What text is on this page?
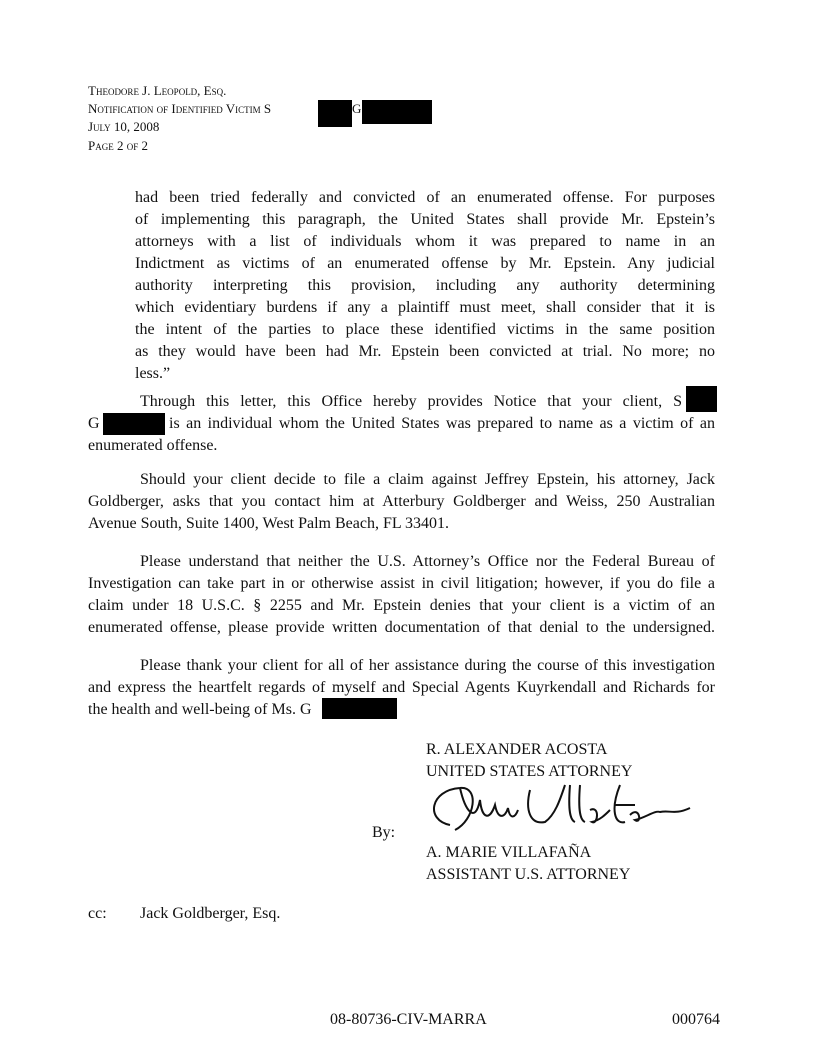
Theodore J. Leopold, Esq.
Notification of Identified Victim S	G
July 10, 2008
Page 2 of 2
had been tried federally and convicted of an enumerated offense. For purposes
of implementing this paragraph, the United States shall provide Mr. Epstein’s
attorneys with a list of individuals whom it was prepared to name in an
Indictment as victims of an enumerated offense by Mr. Epstein. Any judicial
authority interpreting this provision, including any authority determining
which evidentiary burdens if any a plaintiff must meet, shall consider that it is
the intent of the parties to place these identified victims in the same position
as they would have been had Mr. Epstein been convicted at trial. No more; no
less.”
Through this letter, this Office hereby provides Notice that your client, S
G	is an individual whom the United States was prepared to name as a victim of an
enumerated offense.
Should your client decide to file a claim against Jeffrey Epstein, his attorney, Jack
Goldberger, asks that you contact him at Atterbury Goldberger and Weiss, 250 Australian
Avenue South, Suite 1400, West Palm Beach, FL 33401.
Please understand that neither the U.S. Attorney’s Office nor the Federal Bureau of
Investigation can take part in or otherwise assist in civil litigation; however, if you do file a
claim under 18 U.S.C. § 2255 and Mr. Epstein denies that your client is a victim of an
enumerated offense, please provide written documentation of that denial to the undersigned.
Please thank your client for all of her assistance during the course of this investigation
and express the heartfelt regards of myself and Special Agents Kuyrkendall and Richards for
the health and well-being of Ms. G
R. ALEXANDER ACOSTA
UNITED STATES ATTORNEY
By:
A. MARIE VILLAFAÑA
ASSISTANT U.S. ATTORNEY
cc: Jack Goldberger, Esq.
08-80736-CIV-MARRA	000764
